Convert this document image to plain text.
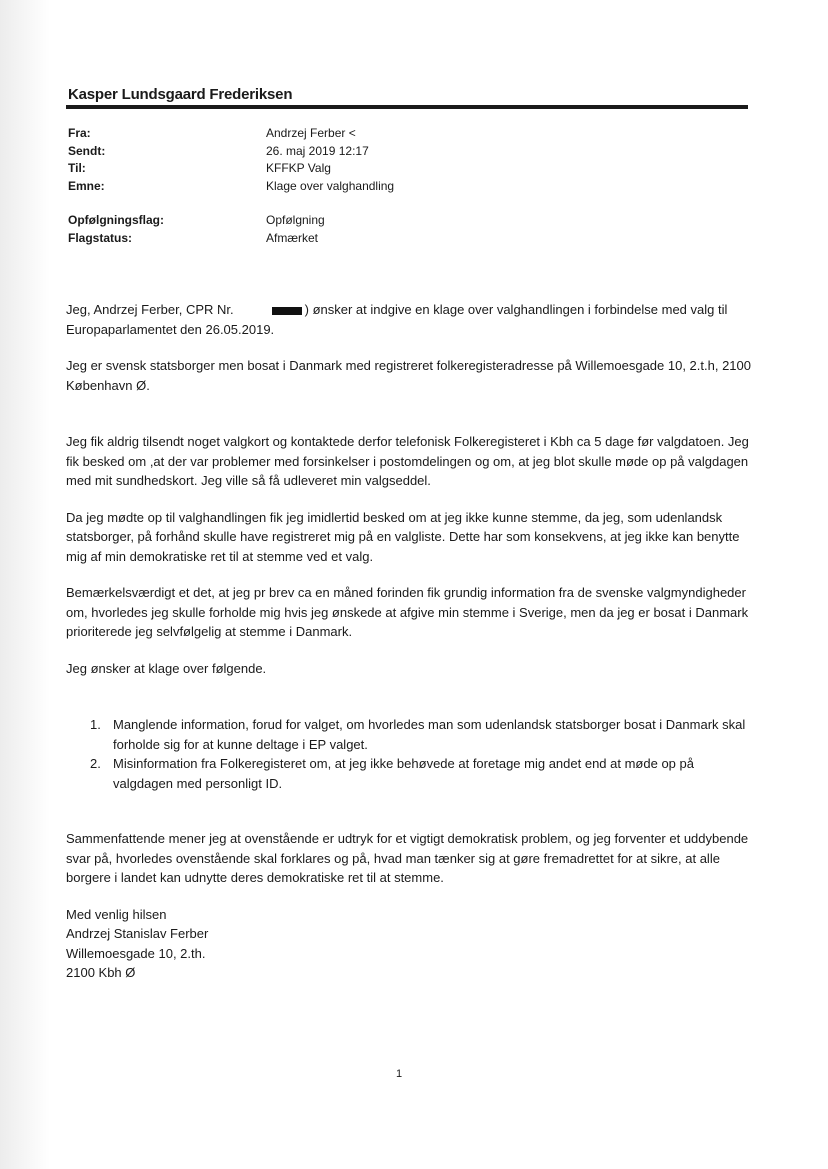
Kasper Lundsgaard Frederiksen
Fra:	Andrzej Ferber <
Sendt:	26. maj 2019 12:17
Til:	KFFKP Valg
Emne:	Klage over valghandling
Opfølgningsflag:	Opfølgning
Flagstatus:	Afmærket

Jeg, Andrzej Ferber, CPR Nr.	) ønsker at indgive en klage over valghandlingen i forbindelse med valg til Europaparlamentet den 26.05.2019.

Jeg er svensk statsborger men bosat i Danmark med registreret folkeregisteradresse på Willemoesgade 10, 2.t.h, 2100 København Ø.

Jeg fik aldrig tilsendt noget valgkort og kontaktede derfor telefonisk Folkeregisteret i Kbh ca 5 dage før valgdatoen. Jeg fik besked om ,at der var problemer med forsinkelser i postomdelingen og om, at jeg blot skulle møde op på valgdagen med mit sundhedskort. Jeg ville så få udleveret min valgseddel.

Da jeg mødte op til valghandlingen fik jeg imidlertid besked om at jeg ikke kunne stemme, da jeg, som udenlandsk statsborger, på forhånd skulle have registreret mig på en valgliste. Dette har som konsekvens, at jeg ikke kan benytte mig af min demokratiske ret til at stemme ved et valg.

Bemærkelsværdigt et det, at jeg pr brev ca en måned forinden fik grundig information fra de svenske valgmyndigheder om, hvorledes jeg skulle forholde mig hvis jeg ønskede at afgive min stemme i Sverige, men da jeg er bosat i Danmark prioriterede jeg selvfølgelig at stemme i Danmark.

Jeg ønsker at klage over følgende.

1. Manglende information, forud for valget, om hvorledes man som udenlandsk statsborger bosat i Danmark skal forholde sig for at kunne deltage i EP valget.
2. Misinformation fra Folkeregisteret om, at jeg ikke behøvede at foretage mig andet end at møde op på valgdagen med personligt ID.

Sammenfattende mener jeg at ovenstående er udtryk for et vigtigt demokratisk problem, og jeg forventer et uddybende svar på, hvorledes ovenstående skal forklares og på, hvad man tænker sig at gøre fremadrettet for at sikre, at alle borgere i landet kan udnytte deres demokratiske ret til at stemme.

Med venlig hilsen

Andrzej Stanislav Ferber

Willemoesgade 10, 2.th.

2100 Kbh Ø

1
